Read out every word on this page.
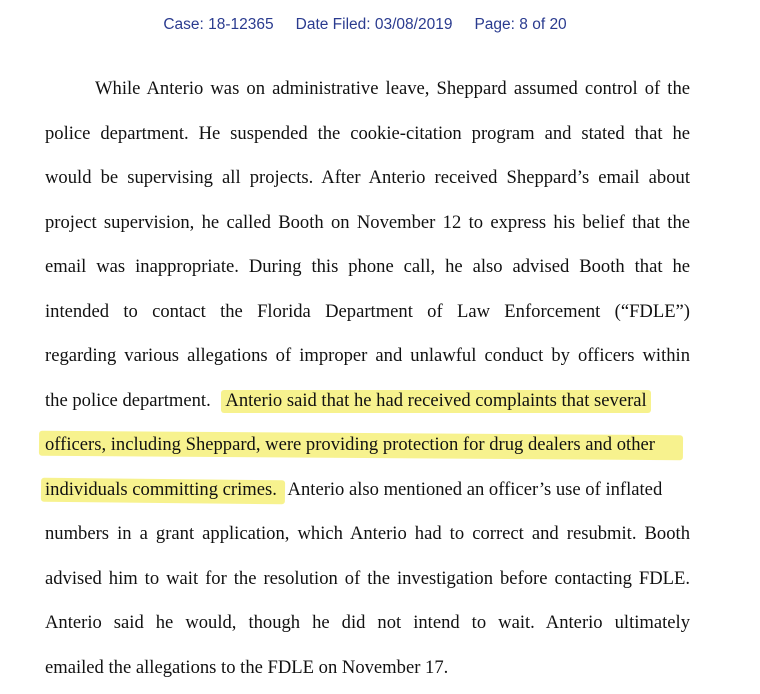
Case: 18-12365 Date Filed: 03/08/2019 Page: 8 of 20
While Anterio was on administrative leave, Sheppard assumed control of the
police department. He suspended the cookie-citation program and stated that he
would be supervising all projects. After Anterio received Sheppard’s email about
project supervision, he called Booth on November 12 to express his belief that the
email was inappropriate. During this phone call, he also advised Booth that he
intended to contact the Florida Department of Law Enforcement (“FDLE”)
regarding various allegations of improper and unlawful conduct by officers within
the police department. Anterio said that he had received complaints that several
officers, including Sheppard, were providing protection for drug dealers and other
individuals committing crimes. Anterio also mentioned an officer’s use of inflated
numbers in a grant application, which Anterio had to correct and resubmit. Booth
advised him to wait for the resolution of the investigation before contacting FDLE.
Anterio said he would, though he did not intend to wait. Anterio ultimately
emailed the allegations to the FDLE on November 17.
